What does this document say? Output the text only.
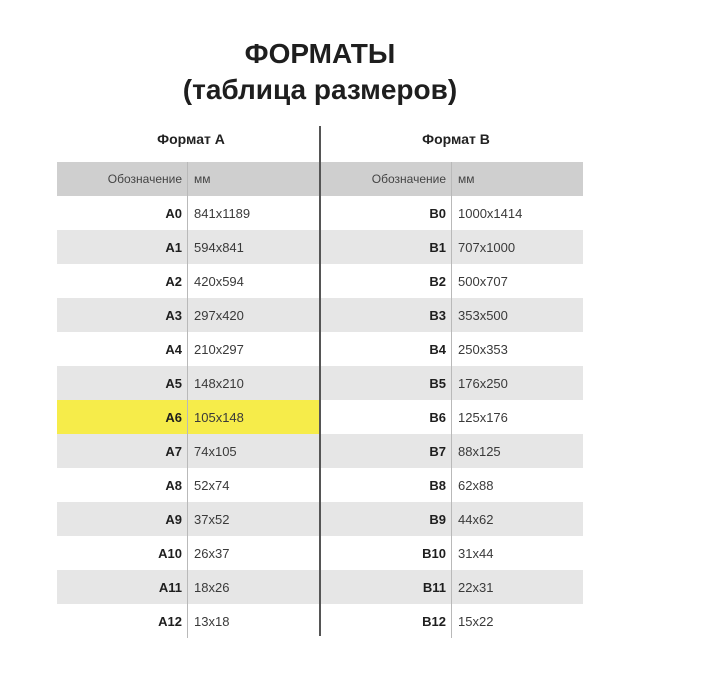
ФОРМАТЫ
(таблица размеров)
Формат А
Обозначение	мм
A0 841x1189
A1 594x841
A2 420x594
A3 297x420
A4 210x297
A5 148x210
A6 105x148
A7 74x105
A8 52x74
A9 37x52
A10 26x37
A11 18x26
A12 13x18
Формат B
Обозначение	мм
B0 1000x1414
B1 707x1000
B2 500x707
B3 353x500
B4 250x353
B5 176x250
B6 125x176
B7 88x125
B8 62x88
B9 44x62
B10 31x44
B11 22x31
B12 15x22
